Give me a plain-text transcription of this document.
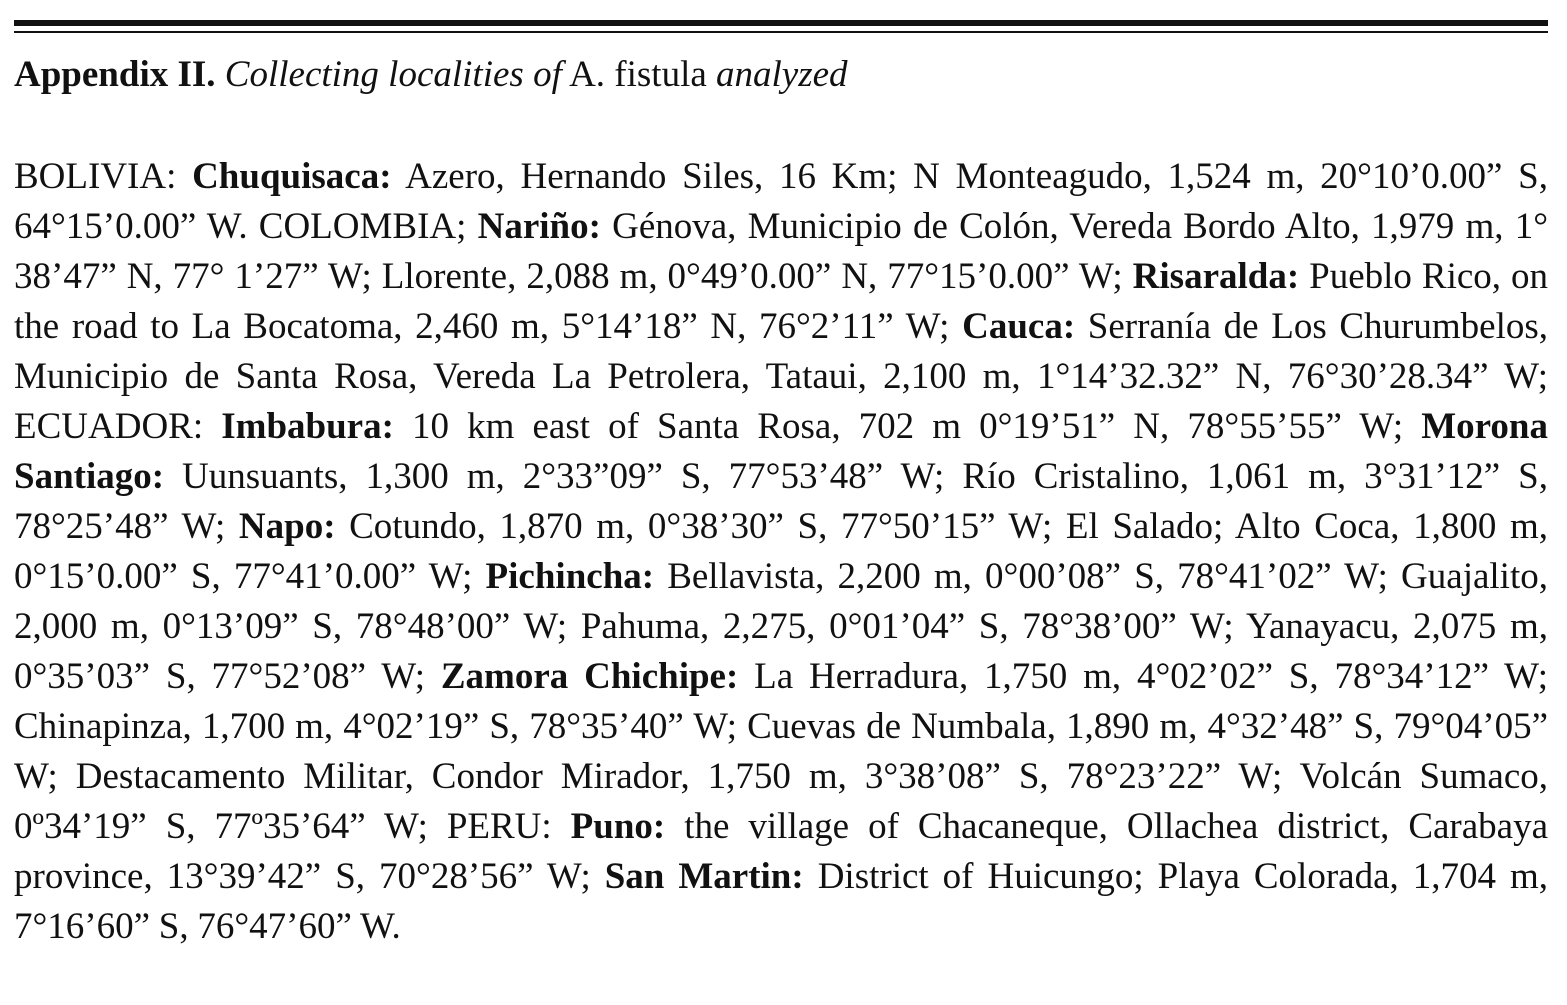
Appendix II. Collecting localities of A. fistula analyzed
BOLIVIA: Chuquisaca: Azero, Hernando Siles, 16 Km; N Monteagudo, 1,524 m, 20°10’0.00” S, 64°15’0.00” W. COLOMBIA; Nariño: Génova, Municipio de Colón, Vereda Bordo Alto, 1,979 m, 1° 38’47” N, 77° 1’27” W; Llorente, 2,088 m, 0°49’0.00” N, 77°15’0.00” W; Risaralda: Pueblo Rico, on the road to La Bocatoma, 2,460 m, 5°14’18” N, 76°2’11” W; Cauca: Serranía de Los Churumbelos, Municipio de Santa Rosa, Vereda La Petrolera, Tataui, 2,100 m, 1°14’32.32” N, 76°30’28.34” W; ECUADOR: Imbabura: 10 km east of Santa Rosa, 702 m 0°19’51” N, 78°55’55” W; Morona Santiago: Uunsuants, 1,300 m, 2°33”09” S, 77°53’48” W; Río Cristalino, 1,061 m, 3°31’12” S, 78°25’48” W; Napo: Cotundo, 1,870 m, 0°38’30” S, 77°50’15” W; El Salado; Alto Coca, 1,800 m, 0°15’0.00” S, 77°41’0.00” W; Pichincha: Bellavista, 2,200 m, 0°00’08” S, 78°41’02” W; Guajalito, 2,000 m, 0°13’09” S, 78°48’00” W; Pahuma, 2,275, 0°01’04” S, 78°38’00” W; Yanayacu, 2,075 m, 0°35’03” S, 77°52’08” W; Zamora Chichipe: La Herradura, 1,750 m, 4°02’02” S, 78°34’12” W; Chinapinza, 1,700 m, 4°02’19” S, 78°35’40” W; Cuevas de Numbala, 1,890 m, 4°32’48” S, 79°04’05” W; Destacamento Militar, Condor Mirador, 1,750 m, 3°38’08” S, 78°23’22” W; Volcán Sumaco, 0º34’19” S, 77º35’64” W; PERU: Puno: the village of Chacaneque, Ollachea district, Carabaya province, 13°39’42” S, 70°28’56” W; San Martin: District of Huicungo; Playa Colorada, 1,704 m, 7°16’60” S, 76°47’60” W.
